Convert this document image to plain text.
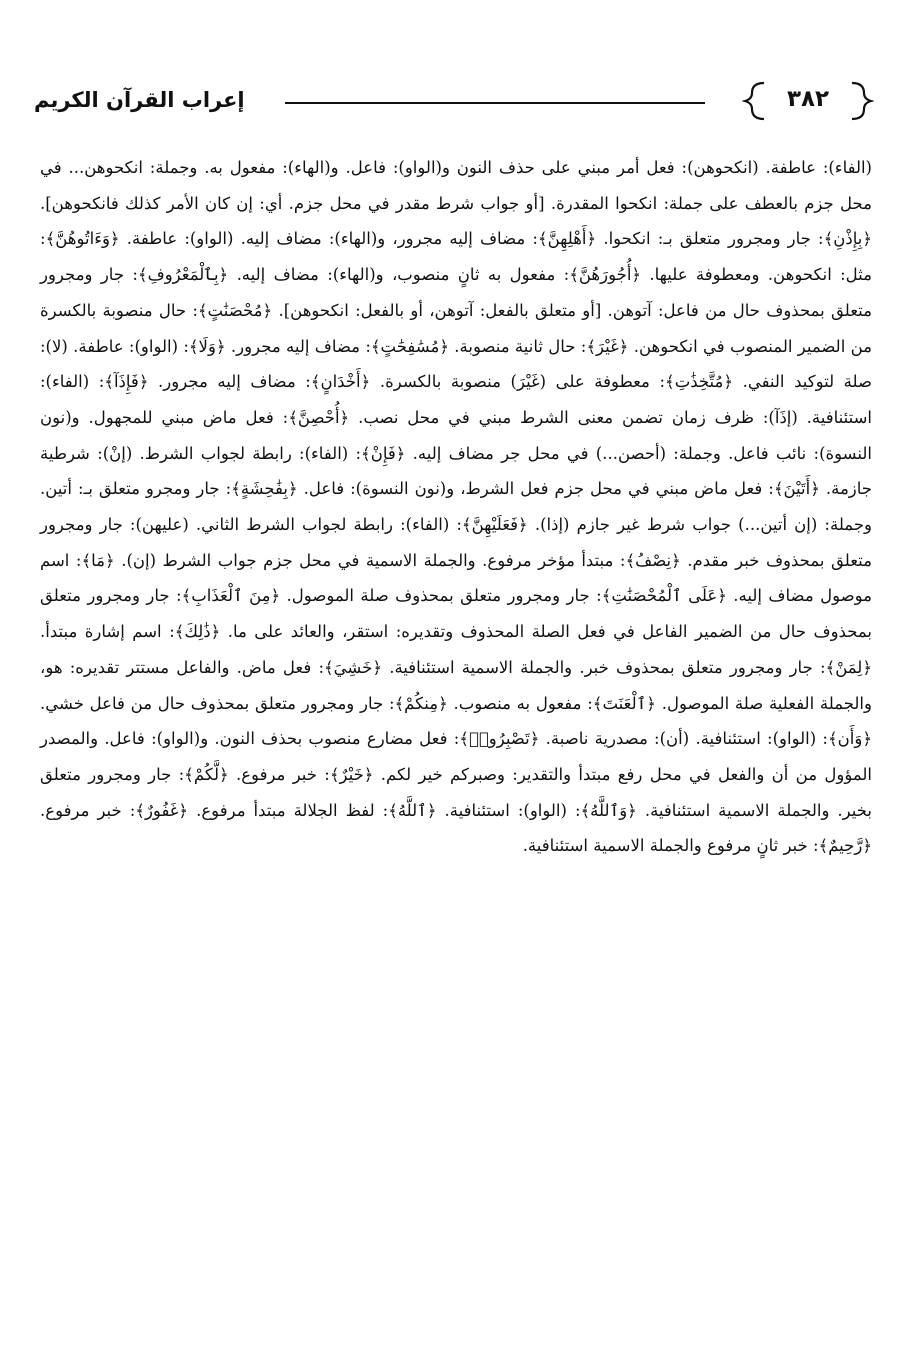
إعراب القرآن الكريم	٣٨٢

(الفاء): عاطفة. (انكحوهن): فعل أمر مبني على حذف النون و(الواو): فاعل. و(الهاء): مفعول به. وجملة: انكحوهن... في محل جزم بالعطف على جملة: انكحوا المقدرة. [أو جواب شرط مقدر في محل جزم. أي: إن كان الأمر كذلك فانكحوهن]. ﴿بِإِذْنِ﴾: جار ومجرور متعلق بـ: انكحوا. ﴿أَهْلِهِنَّ﴾: مضاف إليه مجرور، و(الهاء): مضاف إليه. (الواو): عاطفة. ﴿وَءَاتُوهُنَّ﴾: مثل: انكحوهن. ومعطوفة عليها. ﴿أُجُورَهُنَّ﴾: مفعول به ثانٍ منصوب، و(الهاء): مضاف إليه. ﴿بِٱلْمَعْرُوفِ﴾: جار ومجرور متعلق بمحذوف حال من فاعل: آتوهن. [أو متعلق بالفعل: آتوهن، أو بالفعل: انكحوهن]. ﴿مُحْصَنَٰتٍ﴾: حال منصوبة بالكسرة من الضمير المنصوب في انكحوهن. ﴿غَيْرَ﴾: حال ثانية منصوبة. ﴿مُسَٰفِحَٰتٍ﴾: مضاف إليه مجرور. ﴿وَلَا﴾: (الواو): عاطفة. (لا): صلة لتوكيد النفي. ﴿مُتَّخِذَٰتِ﴾: معطوفة على (غَيْرَ) منصوبة بالكسرة. ﴿أَخْدَانٍ﴾: مضاف إليه مجرور. ﴿فَإِذَآ﴾: (الفاء): استئنافية. (إذَآ): ظرف زمان تضمن معنى الشرط مبني في محل نصب. ﴿أُحْصِنَّ﴾: فعل ماض مبني للمجهول. و(نون النسوة): نائب فاعل. وجملة: (أحصن...) في محل جر مضاف إليه. ﴿فَإِنْ﴾: (الفاء): رابطة لجواب الشرط. (إنْ): شرطية جازمة. ﴿أَتَيْنَ﴾: فعل ماض مبني في محل جزم فعل الشرط، و(نون النسوة): فاعل. ﴿بِفَٰحِشَةٍ﴾: جار ومجرو متعلق بـ: أتين. وجملة: (إن أتين...) جواب شرط غير جازم (إذا). ﴿فَعَلَيْهِنَّ﴾: (الفاء): رابطة لجواب الشرط الثاني. (عليهن): جار ومجرور متعلق بمحذوف خبر مقدم. ﴿نِصْفُ﴾: مبتدأ مؤخر مرفوع. والجملة الاسمية في محل جزم جواب الشرط (إن). ﴿مَا﴾: اسم موصول مضاف إليه. ﴿عَلَى ٱلْمُحْصَنَٰتِ﴾: جار ومجرور متعلق بمحذوف صلة الموصول. ﴿مِنَ ٱلْعَذَابِ﴾: جار ومجرور متعلق بمحذوف حال من الضمير الفاعل في فعل الصلة المحذوف وتقديره: استقر، والعائد على ما. ﴿ذَٰلِكَ﴾: اسم إشارة مبتدأ. ﴿لِمَنْ﴾: جار ومجرور متعلق بمحذوف خبر. والجملة الاسمية استئنافية. ﴿خَشِيَ﴾: فعل ماض. والفاعل مستتر تقديره: هو، والجملة الفعلية صلة الموصول. ﴿ٱلْعَنَتَ﴾: مفعول به منصوب. ﴿مِنكُمْ﴾: جار ومجرور متعلق بمحذوف حال من فاعل خشي. ﴿وَأَن﴾: (الواو): استئنافية. (أن): مصدرية ناصبة. ﴿تَصْبِرُوا۟﴾: فعل مضارع منصوب بحذف النون. و(الواو): فاعل. والمصدر المؤول من أن والفعل في محل رفع مبتدأ والتقدير: وصبركم خير لكم. ﴿خَيْرٌ﴾: خبر مرفوع. ﴿لَّكُمْ﴾: جار ومجرور متعلق بخير. والجملة الاسمية استئنافية. ﴿وَٱللَّهُ﴾: (الواو): استئنافية. ﴿ٱللَّهُ﴾: لفظ الجلالة مبتدأ مرفوع. ﴿غَفُورٌ﴾: خبر مرفوع. ﴿رَّحِيمٌ﴾: خبر ثانٍ مرفوع والجملة الاسمية استئنافية.
